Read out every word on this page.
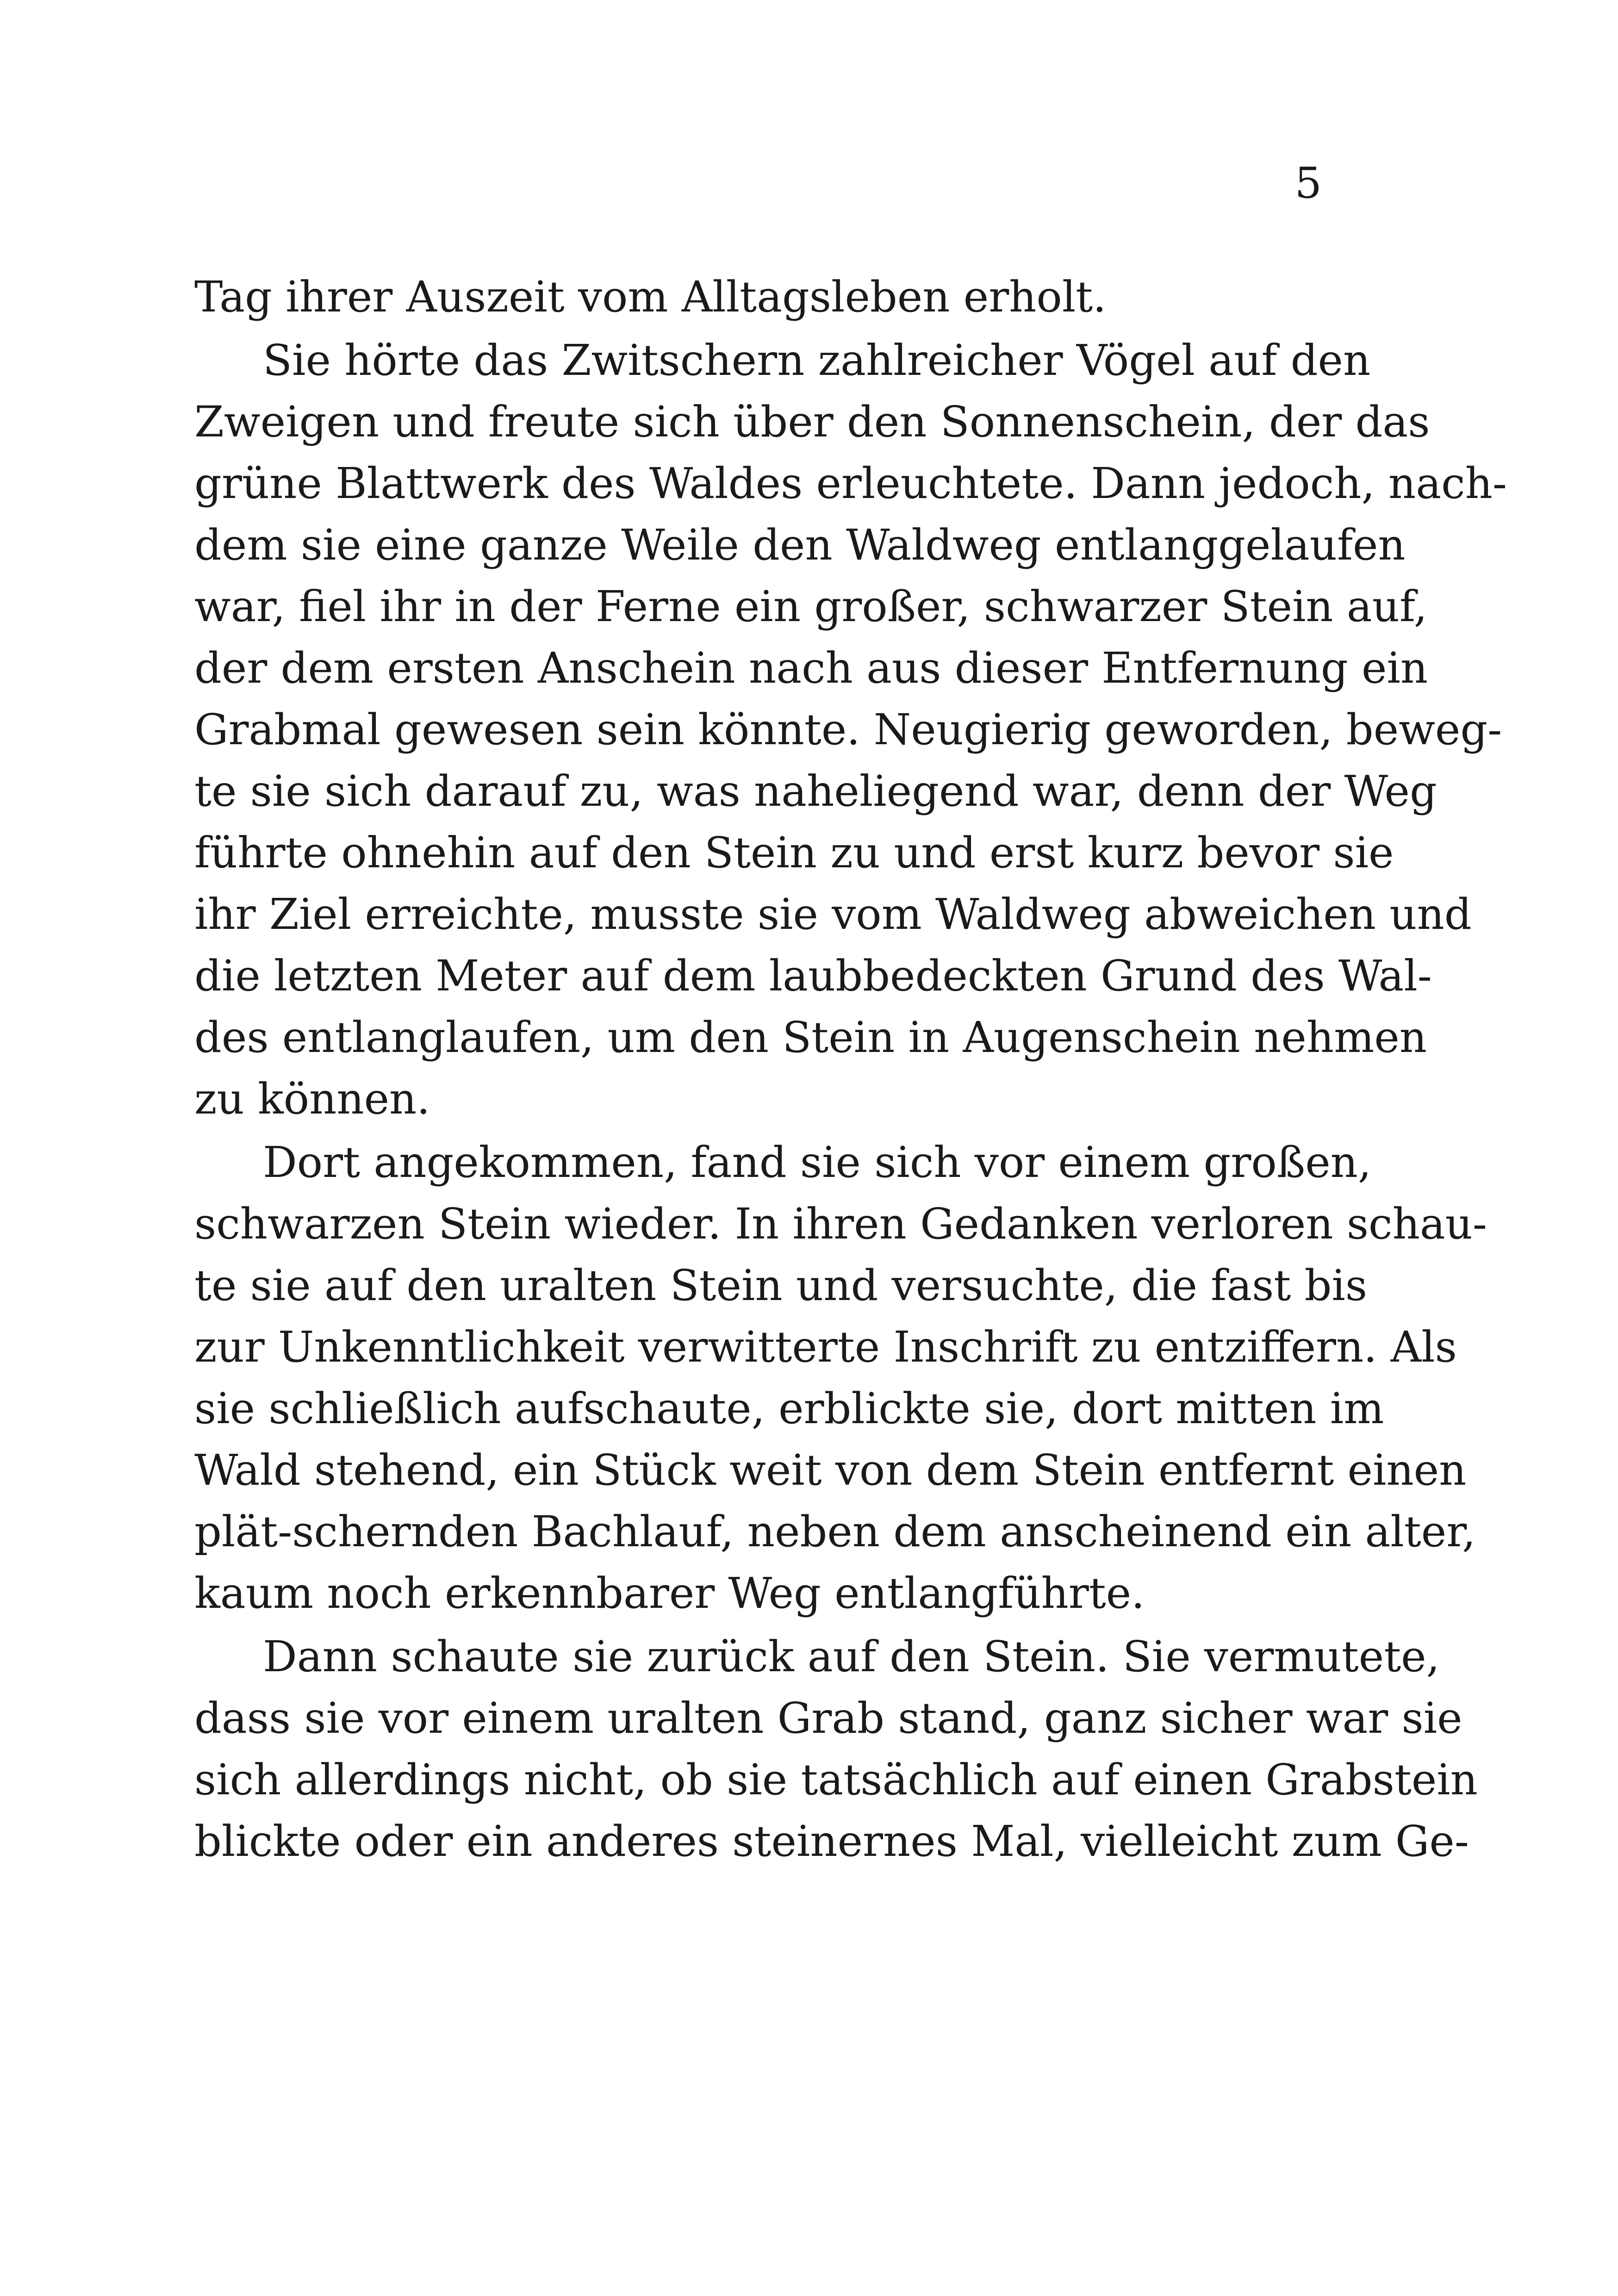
5
Tag ihrer Auszeit vom Alltagsleben erholt.
Sie hörte das Zwitschern zahlreicher Vögel auf den
Zweigen und freute sich über den Sonnenschein, der das
grüne Blattwerk des Waldes erleuchtete. Dann jedoch, nach-
dem sie eine ganze Weile den Waldweg entlanggelaufen
war, fiel ihr in der Ferne ein großer, schwarzer Stein auf,
der dem ersten Anschein nach aus dieser Entfernung ein
Grabmal gewesen sein könnte. Neugierig geworden, beweg-
te sie sich darauf zu, was naheliegend war, denn der Weg
führte ohnehin auf den Stein zu und erst kurz bevor sie
ihr Ziel erreichte, musste sie vom Waldweg abweichen und
die letzten Meter auf dem laubbedeckten Grund des Wal-
des entlanglaufen, um den Stein in Augenschein nehmen
zu können.
Dort angekommen, fand sie sich vor einem großen,
schwarzen Stein wieder. In ihren Gedanken verloren schau-
te sie auf den uralten Stein und versuchte, die fast bis
zur Unkenntlichkeit verwitterte Inschrift zu entziffern. Als
sie schließlich aufschaute, erblickte sie, dort mitten im
Wald stehend, ein Stück weit von dem Stein entfernt einen
plät-schernden Bachlauf, neben dem anscheinend ein alter,
kaum noch erkennbarer Weg entlangführte.
Dann schaute sie zurück auf den Stein. Sie vermutete,
dass sie vor einem uralten Grab stand, ganz sicher war sie
sich allerdings nicht, ob sie tatsächlich auf einen Grabstein
blickte oder ein anderes steinernes Mal, vielleicht zum Ge-
